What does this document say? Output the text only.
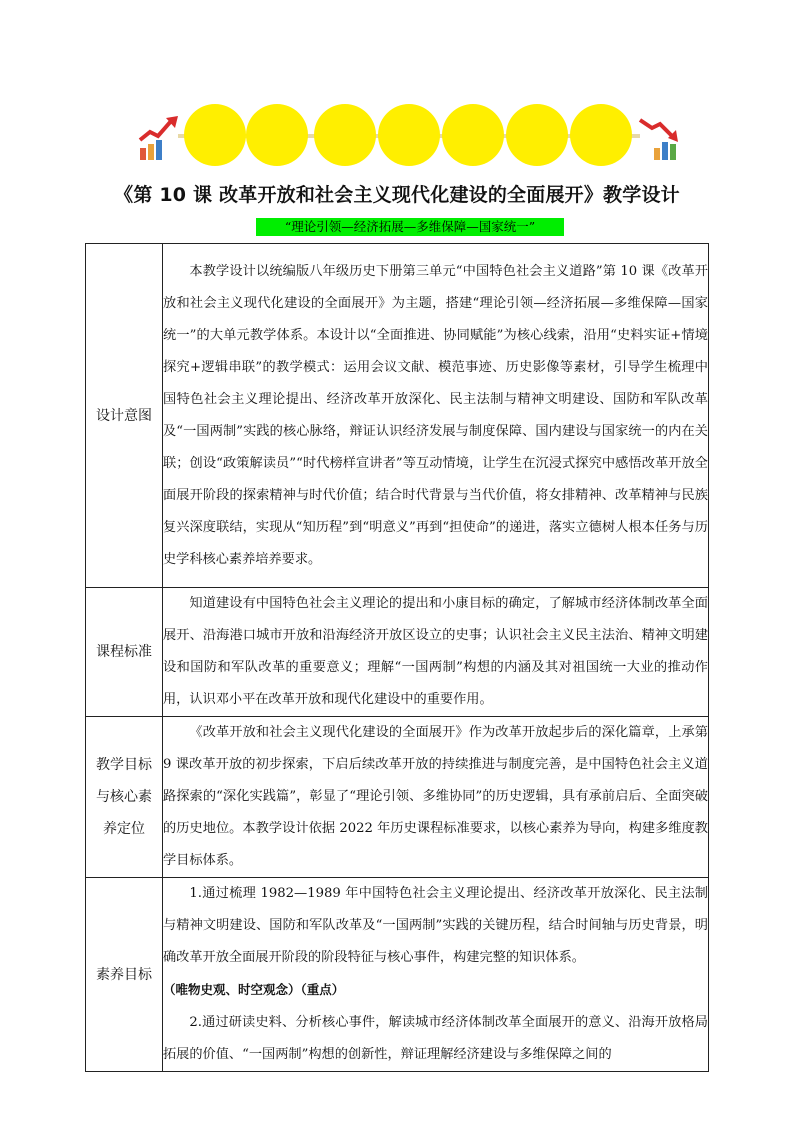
《第 10 课 改革开放和社会主义现代化建设的全面展开》教学设计
“理论引领—经济拓展—多维保障—国家统一”
设计意图	本教学设计以统编版八年级历史下册第三单元“中国特色社会主义道路”第 10 课《改革开放和社会主义现代化建设的全面展开》为主题，搭建“理论引领—经济拓展—多维保障—国家统一”的大单元教学体系。本设计以“全面推进、协同赋能”为核心线索，沿用“史料实证+情境探究+逻辑串联”的教学模式：运用会议文献、模范事迹、历史影像等素材，引导学生梳理中国特色社会主义理论提出、经济改革开放深化、民主法制与精神文明建设、国防和军队改革及“一国两制”实践的核心脉络，辩证认识经济发展与制度保障、国内建设与国家统一的内在关联；创设“政策解读员”“时代榜样宣讲者”等互动情境，让学生在沉浸式探究中感悟改革开放全面展开阶段的探索精神与时代价值；结合时代背景与当代价值，将女排精神、改革精神与民族复兴深度联结，实现从“知历程”到“明意义”再到“担使命”的递进，落实立德树人根本任务与历史学科核心素养培养要求。

课程标准	知道建设有中国特色社会主义理论的提出和小康目标的确定，了解城市经济体制改革全面展开、沿海港口城市开放和沿海经济开放区设立的史事；认识社会主义民主法治、精神文明建设和国防和军队改革的重要意义；理解“一国两制”构想的内涵及其对祖国统一大业的推动作用，认识邓小平在改革开放和现代化建设中的重要作用。

教学目标与核心素养定位	《改革开放和社会主义现代化建设的全面展开》作为改革开放起步后的深化篇章，上承第 9 课改革开放的初步探索，下启后续改革开放的持续推进与制度完善，是中国特色社会主义道路探索的“深化实践篇”，彰显了“理论引领、多维协同”的历史逻辑，具有承前启后、全面突破的历史地位。本教学设计依据 2022 年历史课程标准要求，以核心素养为导向，构建多维度教学目标体系。

素养目标	1.通过梳理 1982—1989 年中国特色社会主义理论提出、经济改革开放深化、民主法制与精神文明建设、国防和军队改革及“一国两制”实践的关键历程，结合时间轴与历史背景，明确改革开放全面展开阶段的阶段特征与核心事件，构建完整的知识体系。

（唯物史观、时空观念）（重点）

2.通过研读史料、分析核心事件，解读城市经济体制改革全面展开的意义、沿海开放格局拓展的价值、“一国两制”构想的创新性，辩证理解经济建设与多维保障之间的
